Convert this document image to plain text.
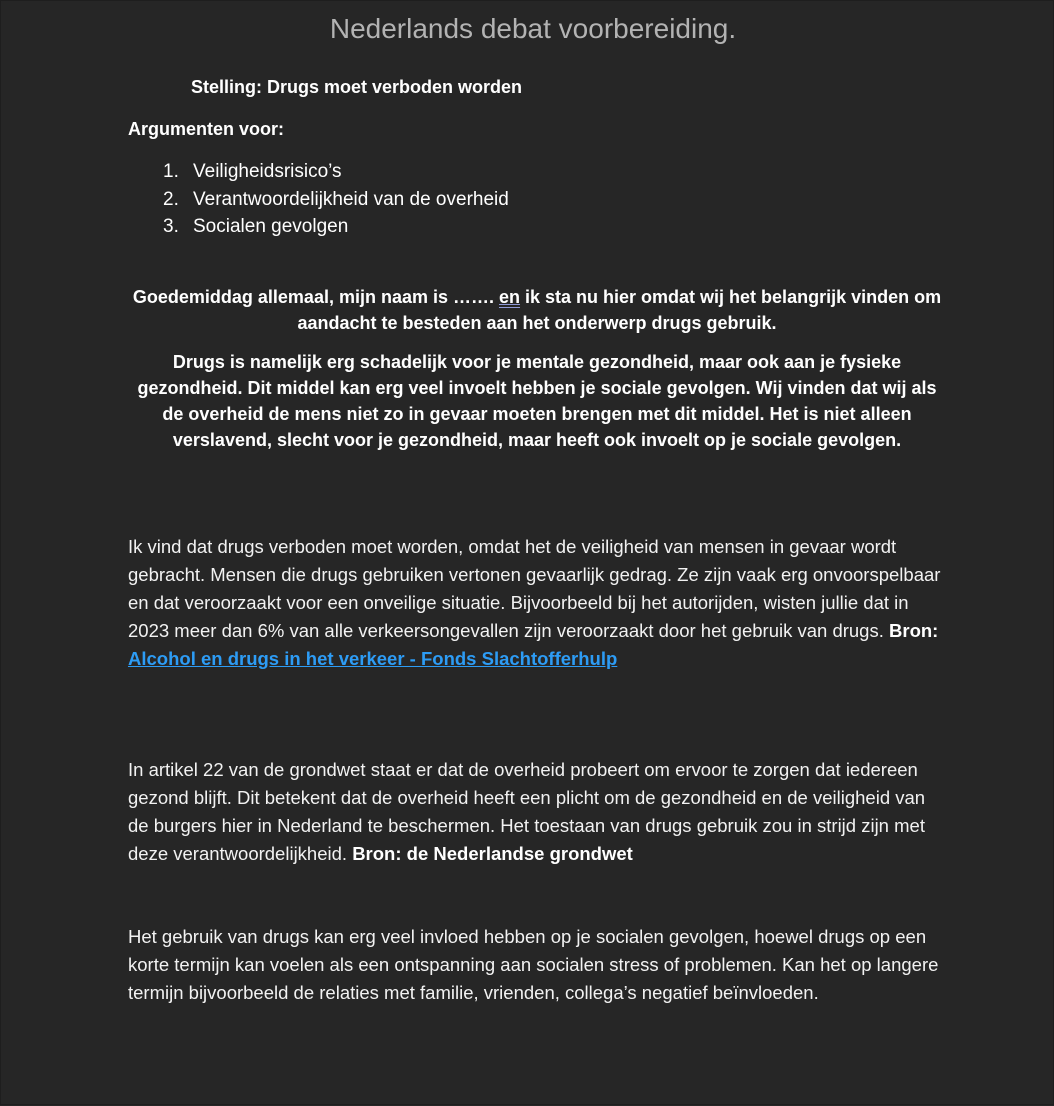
Nederlands debat voorbereiding.
Stelling: Drugs moet verboden worden
Argumenten voor:
1. Veiligheidsrisico’s
2. Verantwoordelijkheid van de overheid
3. Socialen gevolgen
Goedemiddag allemaal, mijn naam is ……. en ik sta nu hier omdat wij het belangrijk vinden om aandacht te besteden aan het onderwerp drugs gebruik.
Drugs is namelijk erg schadelijk voor je mentale gezondheid, maar ook aan je fysieke gezondheid. Dit middel kan erg veel invoelt hebben je sociale gevolgen. Wij vinden dat wij als de overheid de mens niet zo in gevaar moeten brengen met dit middel. Het is niet alleen verslavend, slecht voor je gezondheid, maar heeft ook invoelt op je sociale gevolgen.
Ik vind dat drugs verboden moet worden, omdat het de veiligheid van mensen in gevaar wordt gebracht. Mensen die drugs gebruiken vertonen gevaarlijk gedrag. Ze zijn vaak erg onvoorspelbaar en dat veroorzaakt voor een onveilige situatie. Bijvoorbeeld bij het autorijden, wisten jullie dat in 2023 meer dan 6% van alle verkeersongevallen zijn veroorzaakt door het gebruik van drugs. Bron: Alcohol en drugs in het verkeer - Fonds Slachtofferhulp
In artikel 22 van de grondwet staat er dat de overheid probeert om ervoor te zorgen dat iedereen gezond blijft. Dit betekent dat de overheid heeft een plicht om de gezondheid en de veiligheid van de burgers hier in Nederland te beschermen. Het toestaan van drugs gebruik zou in strijd zijn met deze verantwoordelijkheid. Bron: de Nederlandse grondwet
Het gebruik van drugs kan erg veel invloed hebben op je socialen gevolgen, hoewel drugs op een korte termijn kan voelen als een ontspanning aan socialen stress of problemen. Kan het op langere termijn bijvoorbeeld de relaties met familie, vrienden, collega’s negatief beïnvloeden.
